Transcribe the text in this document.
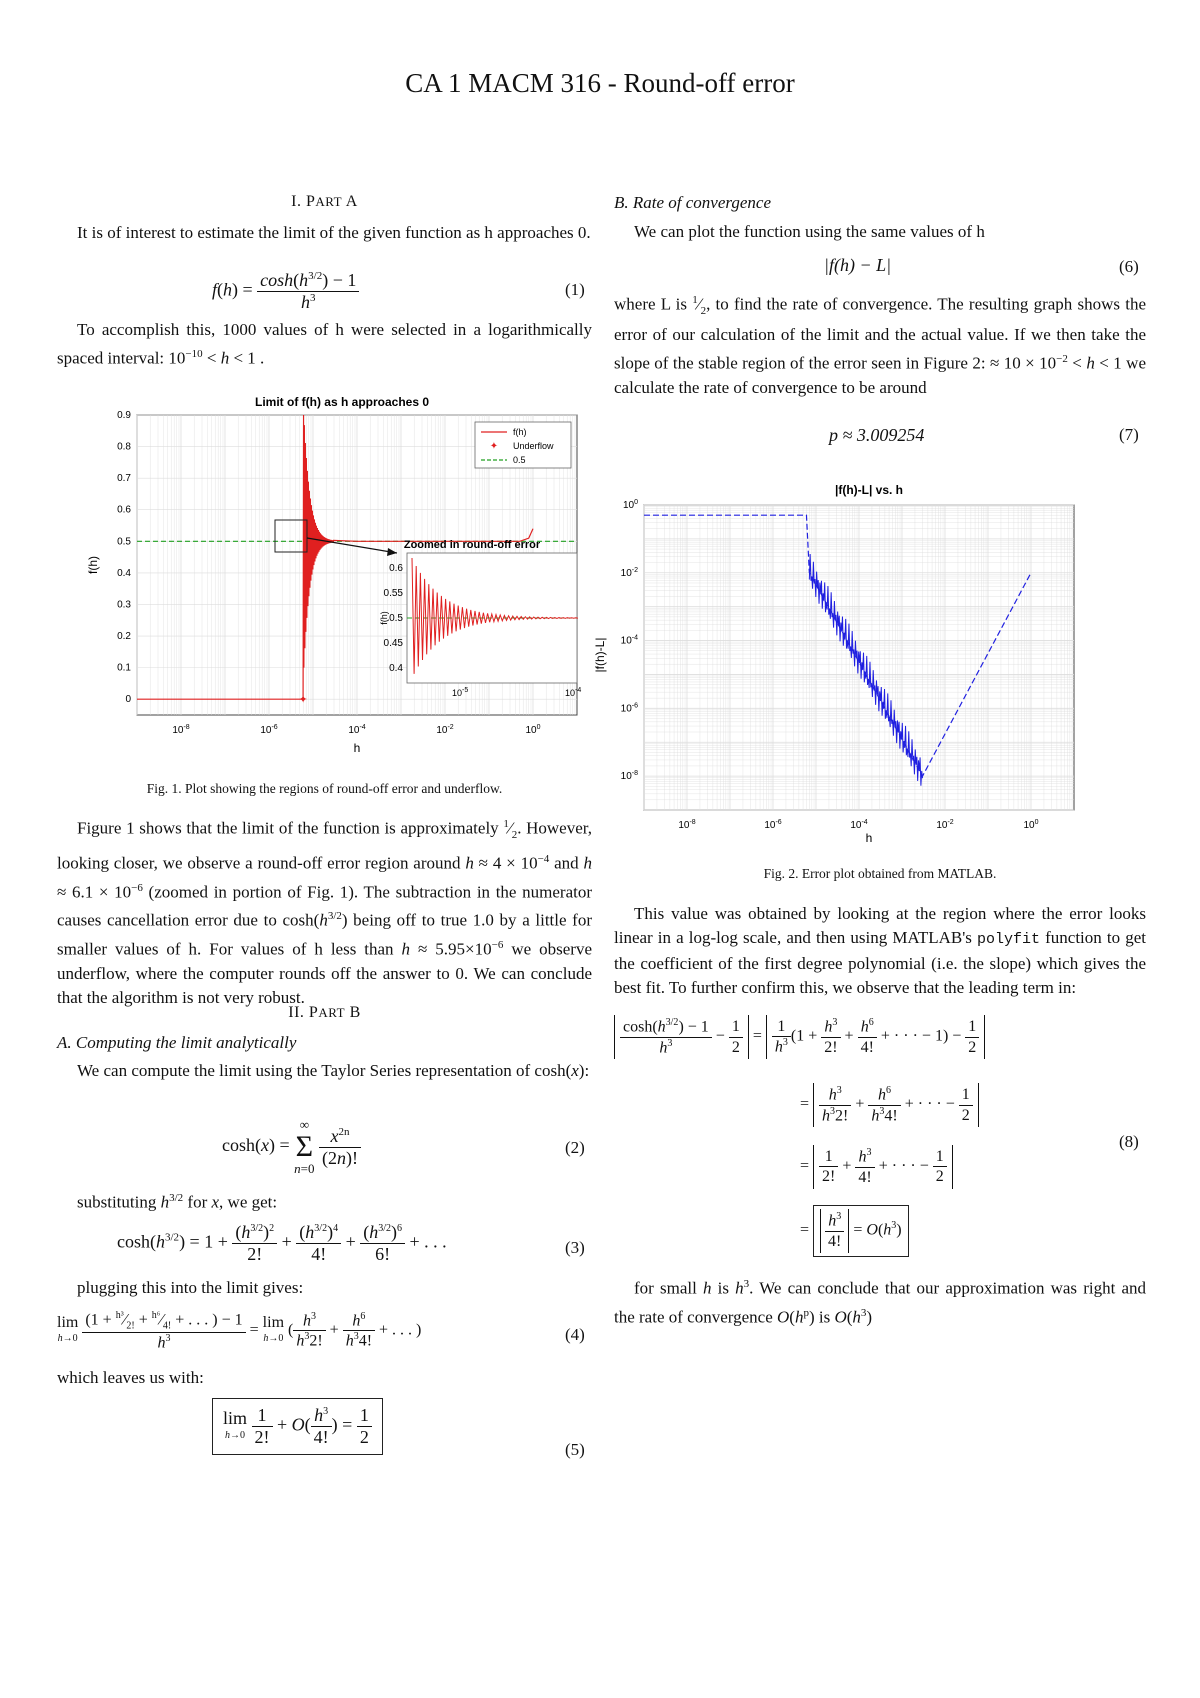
CA 1 MACM 316 - Round-off error
I. PART A

It is of interest to estimate the limit of the given function as h approaches 0.

$f(h) = \frac{\cosh(h^{3/2}) - 1}{h^3}$	(1)

To accomplish this, 1000 values of h were selected in a logarithmically spaced interval: $10^{-10} < h < 1$ .

Limit of f(h) as h approaches 0
0
0.1
0.2
0.3
0.4
0.5
0.6
0.7
0.8
0.9
$10^{-8}$	$10^{-6}$	$10^{-4}$	$10^{-2}$	$10^0$
f(h)
h
✦
Zoomed in round-off error
0.4
0.45
0.5
0.55
0.6
f(h)
$10^{-5}$	$10^{-4}$
f(h)
✦ Underflow
0.5
Fig. 1. Plot showing the regions of round-off error and underflow.

Figure 1 shows that the limit of the function is approximately $^1⁄_2$. However, looking closer, we observe a round-off error region around $h \approx 4 \times 10^{-4}$ and $h \approx 6.1 \times 10^{-6}$ (zoomed in portion of Fig. 1). The subtraction in the numerator causes cancellation error due to $\cosh(h^{3/2})$ being off to true 1.0 by a little for smaller values of h. For values of h less than $h \approx 5.95\times 10^{-6}$ we observe underflow, where the computer rounds off the answer to 0. We can conclude that the algorithm is not very robust.

II. PART B
A. Computing the limit analytically

We can compute the limit using the Taylor Series representation of cosh(x):

cosh(x) = ∞
Σ
$n=0 \frac{x^{2n}}{(2n)!}$	(2)

substituting $h^{3/2}$ for x, we get:

$\cosh(h^{3/2}) = 1 + \frac{(h^{3/2})^2}{2!} + \frac{(h^{3/2})^4}{4!} + \frac{(h^{3/2})^6}{6!}$ + . . .	(3)

plugging this into the limit gives:

lim
$h\to 0 \frac{(1 + ^{h^3}⁄_{2!} + ^{h^6}⁄_{4!} + . . . ) - 1}{h^3} = \lim$
h→0 ( $\frac{h^3}{h^32!} + \frac{h^6}{h^34!}$ + . . . )	(4)

which leaves us with:

lim
$h\to 0 \frac{1}{2!} + O( \frac{h^3}{4!}$ ) = $\frac{1}{2}$
(5)
B. Rate of convergence

We can plot the function using the same values of h

|f(h) − L|	(6)

where L is $^1⁄_2$, to find the rate of convergence. The resulting graph shows the error of our calculation of the limit and the actual value. If we then take the slope of the stable region of the error seen in Figure 2: ≈ $10 \times 10^{-2} < h < 1$ we calculate the rate of convergence to be around

p ≈ 3.009254	(7)
|f(h)-L| vs. h
$10^0$
$10^{-2}$
$10^{-4}$
$10^{-6}$
$10^{-8}$
$10^{-8}$	$10^{-6}$	$10^{-4}$	$10^{-2}$	$10^0$
|f(h)-L|
h
Fig. 2. Error plot obtained from MATLAB.

This value was obtained by looking at the region where the error looks linear in a log-log scale, and then using MATLAB's polyfit function to get the coefficient of the first degree polynomial (i.e. the slope) which gives the best fit. To further confirm this, we observe that the leading term in:

$\frac{\cosh(h^{3/2}) - 1}{h^3} - \frac{1}{2} = \frac{1}{h^3} (1 + \frac{h^3}{2!} + \frac{h^6}{4!}$ + · · · − $1) - \frac{1}{2}$
= $\frac{h^3}{h^32!} + \frac{h^6}{h^34!}$ + · · · − $\frac{1}{2}$
= $\frac{1}{2!} + \frac{h^3}{4!}$ + · · · − $\frac{1}{2}$
= $\frac{h^3}{4!} = O(h^3)$
(8)

for small h is $h^3$. We can conclude that our approximation was right and the rate of convergence $O(h^p)$ is $O(h^3)$
